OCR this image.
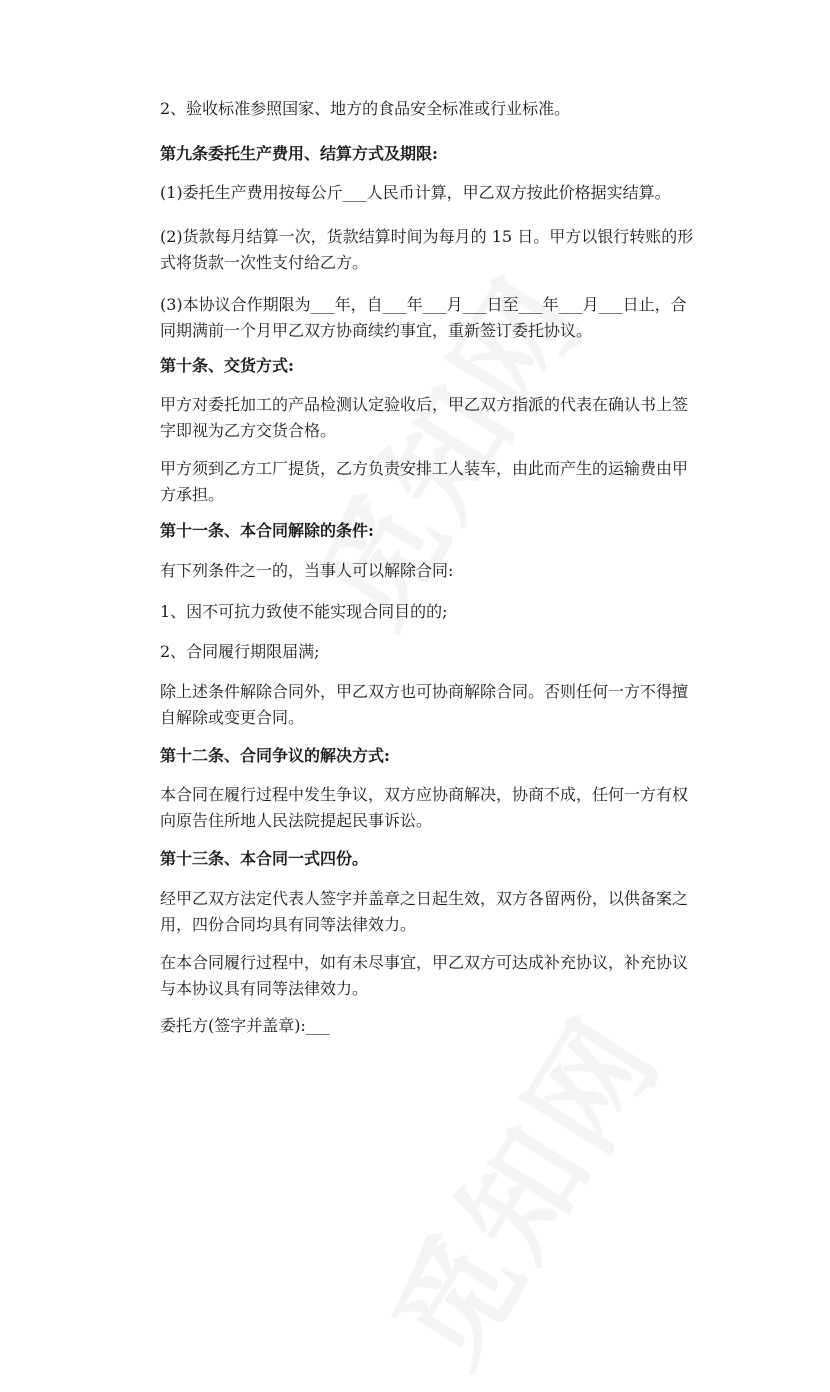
2、验收标准参照国家、地方的食品安全标准或行业标准。

第九条委托生产费用、结算方式及期限:

(1)委托生产费用按每公斤___人民币计算，甲乙双方按此价格据实结算。

(2)货款每月结算一次，货款结算时间为每月的 15 日。甲方以银行转账的形式将货款一次性支付给乙方。

(3)本协议合作期限为___年，自___年___月___日至___年___月___日止，合同期满前一个月甲乙双方协商续约事宜，重新签订委托协议。

第十条、交货方式:

甲方对委托加工的产品检测认定验收后，甲乙双方指派的代表在确认书上签字即视为乙方交货合格。

甲方须到乙方工厂提货，乙方负责安排工人装车，由此而产生的运输费由甲方承担。

第十一条、本合同解除的条件:

有下列条件之一的，当事人可以解除合同:

1、因不可抗力致使不能实现合同目的的;

2、合同履行期限届满;

除上述条件解除合同外，甲乙双方也可协商解除合同。否则任何一方不得擅自解除或变更合同。

第十二条、合同争议的解决方式:

本合同在履行过程中发生争议，双方应协商解决，协商不成，任何一方有权向原告住所地人民法院提起民事诉讼。

第十三条、本合同一式四份。

经甲乙双方法定代表人签字并盖章之日起生效，双方各留两份，以供备案之用，四份合同均具有同等法律效力。

在本合同履行过程中，如有未尽事宜，甲乙双方可达成补充协议，补充协议与本协议具有同等法律效力。

委托方(签字并盖章):___
